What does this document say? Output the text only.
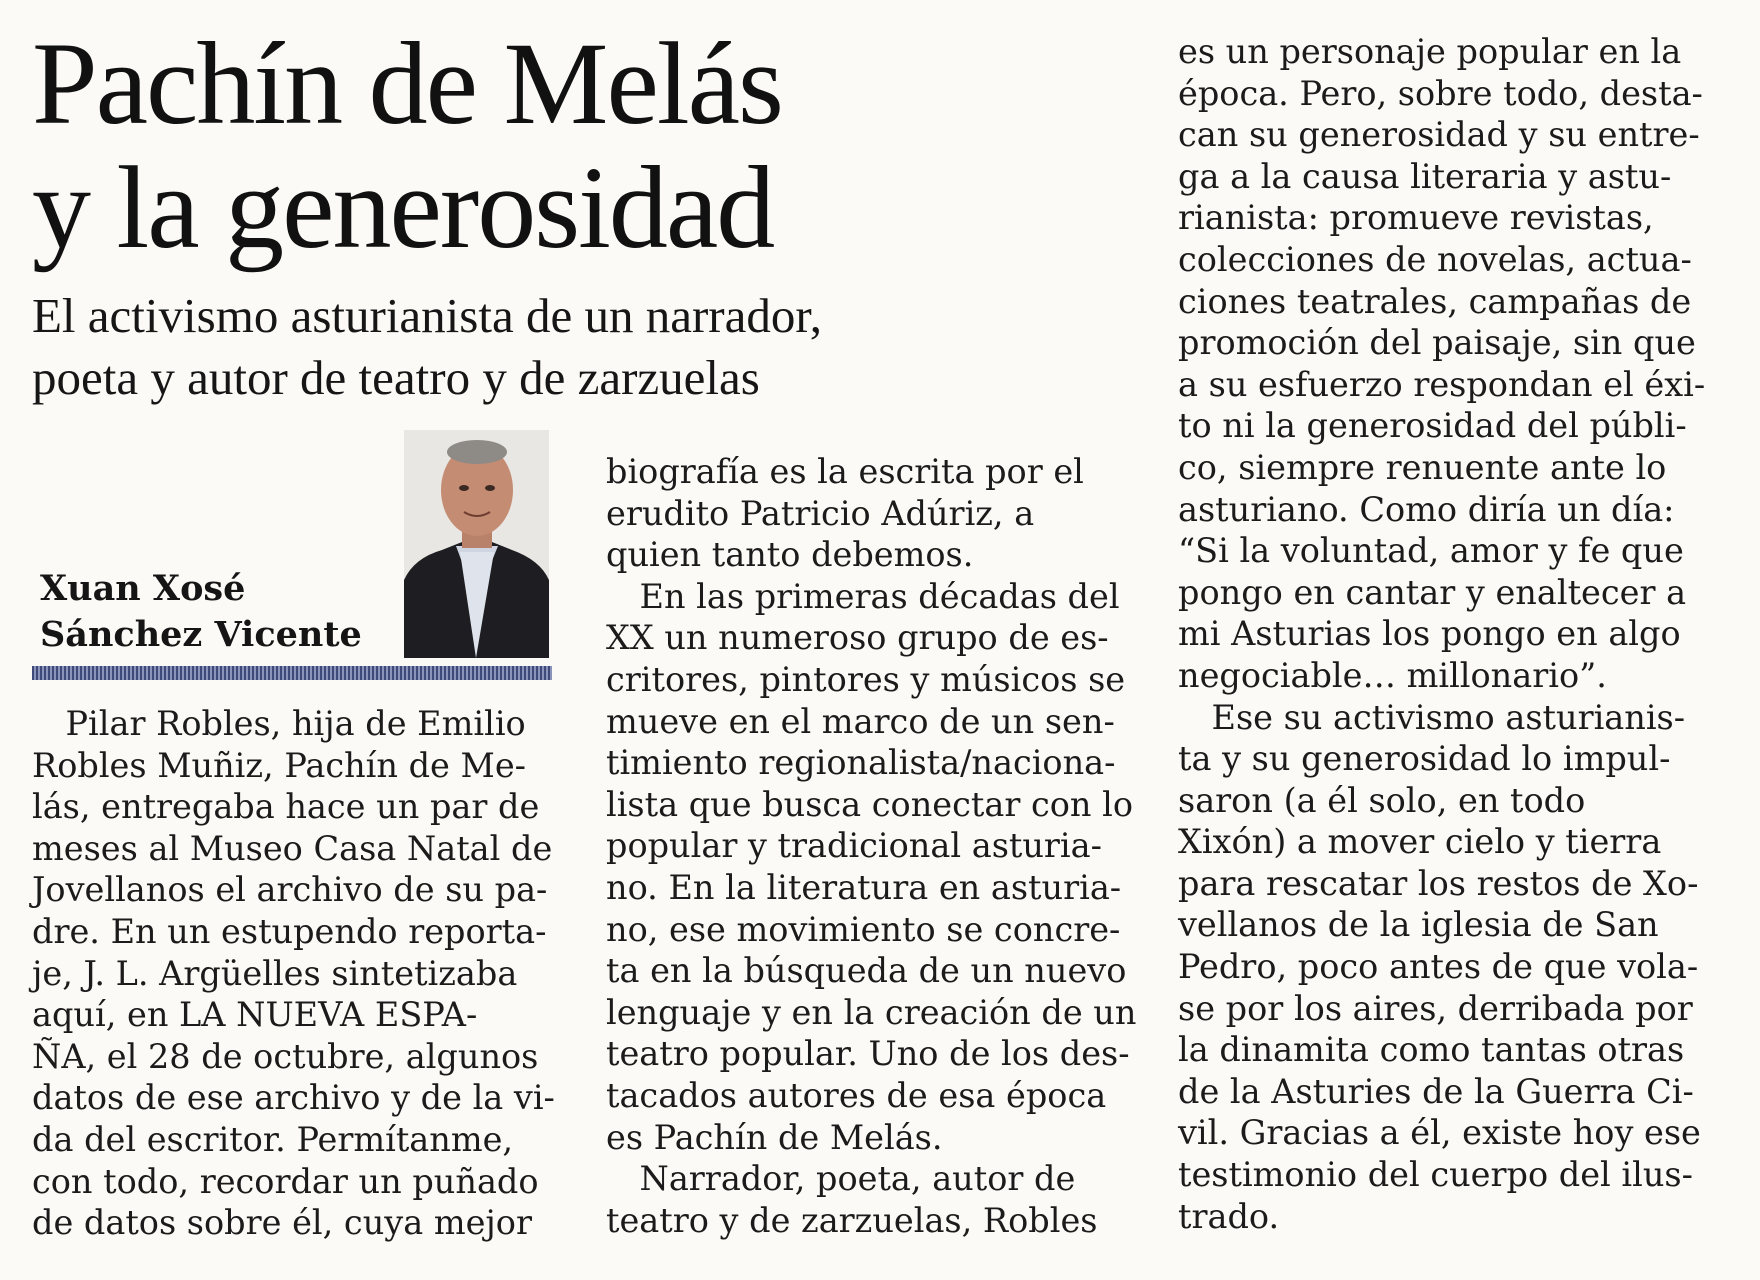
Pachín de Melás
y la generosidad
El activismo asturianista de un narrador,
poeta y autor de teatro y de zarzuelas
Xuan Xosé
Sánchez Vicente

 Pilar Robles, hija de Emilio

Robles Muñiz, Pachín de Me-

lás, entregaba hace un par de

meses al Museo Casa Natal de

Jovellanos el archivo de su pa-

dre. En un estupendo reporta-

je, J. L. Argüelles sintetizaba

aquí, en LA NUEVA ESPA-

ÑA, el 28 de octubre, algunos

datos de ese archivo y de la vi-

da del escritor. Permítanme,

con todo, recordar un puñado

de datos sobre él, cuya mejor

biografía es la escrita por el

erudito Patricio Adúriz, a

quien tanto debemos.

 En las primeras décadas del

XX un numeroso grupo de es-

critores, pintores y músicos se

mueve en el marco de un sen-

timiento regionalista/naciona-

lista que busca conectar con lo

popular y tradicional asturia-

no. En la literatura en asturia-

no, ese movimiento se concre-

ta en la búsqueda de un nuevo

lenguaje y en la creación de un

teatro popular. Uno de los des-

tacados autores de esa época

es Pachín de Melás.

 Narrador, poeta, autor de

teatro y de zarzuelas, Robles

es un personaje popular en la

época. Pero, sobre todo, desta-

can su generosidad y su entre-

ga a la causa literaria y astu-

rianista: promueve revistas,

colecciones de novelas, actua-

ciones teatrales, campañas de

promoción del paisaje, sin que

a su esfuerzo respondan el éxi-

to ni la generosidad del públi-

co, siempre renuente ante lo

asturiano. Como diría un día:

“Si la voluntad, amor y fe que

pongo en cantar y enaltecer a

mi Asturias los pongo en algo

negociable… millonario”.

 Ese su activismo asturianis-

ta y su generosidad lo impul-

saron (a él solo, en todo

Xixón) a mover cielo y tierra

para rescatar los restos de Xo-

vellanos de la iglesia de San

Pedro, poco antes de que vola-

se por los aires, derribada por

la dinamita como tantas otras

de la Asturies de la Guerra Ci-

vil. Gracias a él, existe hoy ese

testimonio del cuerpo del ilus-

trado.
